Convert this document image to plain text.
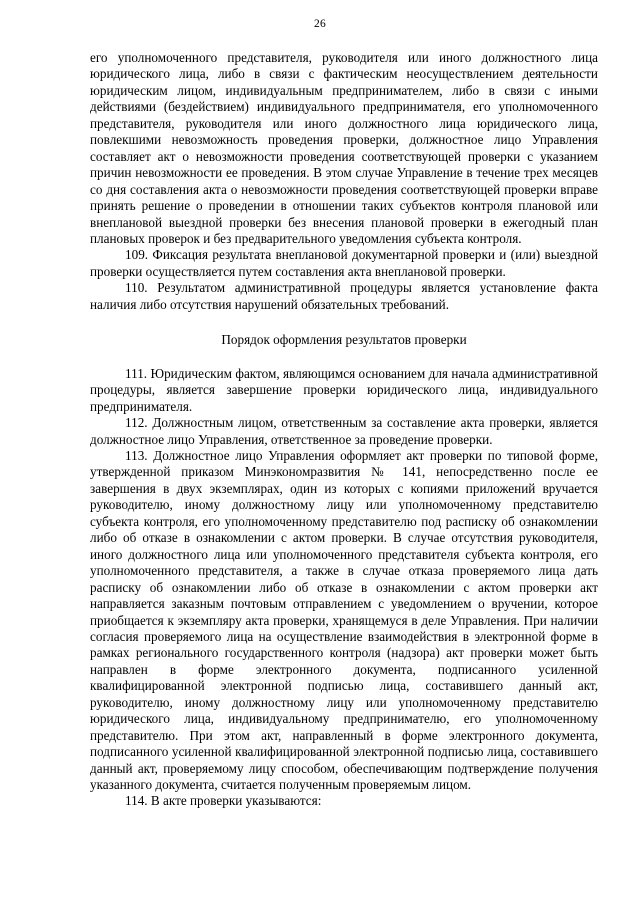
26

его уполномоченного представителя, руководителя или иного должностного лица юридического лица, либо в связи с фактическим неосуществлением деятельности юридическим лицом, индивидуальным предпринимателем, либо в связи с иными действиями (бездействием) индивидуального предпринимателя, его уполномоченного представителя, руководителя или иного должностного лица юридического лица, повлекшими невозможность проведения проверки, должностное лицо Управления составляет акт о невозможности проведения соответствующей проверки с указанием причин невозможности ее проведения. В этом случае Управление в течение трех месяцев со дня составления акта о невозможности проведения соответствующей проверки вправе принять решение о проведении в отношении таких субъектов контроля плановой или внеплановой выездной проверки без внесения плановой проверки в ежегодный план плановых проверок и без предварительного уведомления субъекта контроля.

109. Фиксация результата внеплановой документарной проверки и (или) выездной проверки осуществляется путем составления акта внеплановой проверки.

110. Результатом административной процедуры является установление факта наличия либо отсутствия нарушений обязательных требований.

Порядок оформления результатов проверки

111. Юридическим фактом, являющимся основанием для начала административной процедуры, является завершение проверки юридического лица, индивидуального предпринимателя.

112. Должностным лицом, ответственным за составление акта проверки, является должностное лицо Управления, ответственное за проведение проверки.

113. Должностное лицо Управления оформляет акт проверки по типовой форме, утвержденной приказом Минэкономразвития № 141, непосредственно после ее завершения в двух экземплярах, один из которых с копиями приложений вручается руководителю, иному должностному лицу или уполномоченному представителю субъекта контроля, его уполномоченному представителю под расписку об ознакомлении либо об отказе в ознакомлении с актом проверки. В случае отсутствия руководителя, иного должностного лица или уполномоченного представителя субъекта контроля, его уполномоченного представителя, а также в случае отказа проверяемого лица дать расписку об ознакомлении либо об отказе в ознакомлении с актом проверки акт направляется заказным почтовым отправлением с уведомлением о вручении, которое приобщается к экземпляру акта проверки, хранящемуся в деле Управления. При наличии согласия проверяемого лица на осуществление взаимодействия в электронной форме в рамках регионального государственного контроля (надзора) акт проверки может быть направлен в форме электронного документа, подписанного усиленной квалифицированной электронной подписью лица, составившего данный акт, руководителю, иному должностному лицу или уполномоченному представителю юридического лица, индивидуальному предпринимателю, его уполномоченному представителю. При этом акт, направленный в форме электронного документа, подписанного усиленной квалифицированной электронной подписью лица, составившего данный акт, проверяемому лицу способом, обеспечивающим подтверждение получения указанного документа, считается полученным проверяемым лицом.

114. В акте проверки указываются:
